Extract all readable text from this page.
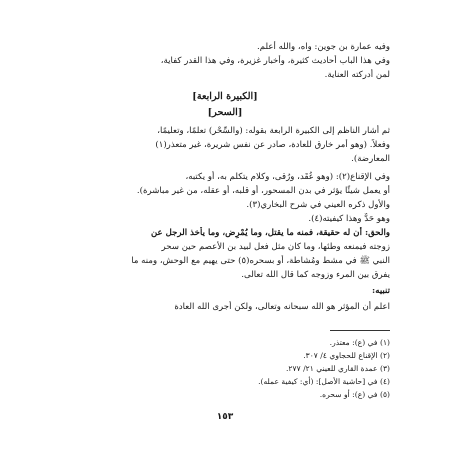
وفيه عمارة بن جوين: واه، والله أعلم.
وفي هذا الباب أحاديث كثيرة، وأخبار غزيرة، وفي هذا القدر كفاية،
لمن أدركته العناية.
[الكبيرة الرابعة]
[السحر]
ثم أشار الناظم إلى الكبيرة الرابعة بقوله: (والسِّحْر) تعلمًا، وتعليمًا،
وفعلاً. (وهو أمر خارق للعادة، صادر عن نفس شريرة، غير متعذر(١)
المعارضة).
وفي الإقناع(٢): (وهو عُقَد، ورُقى، وكلام يتكلم به، أو يكتبه،
أو يعمل شيئًا يؤثر في بدن المسحور، أو قلبه، أو عقله، من غير مباشرة).
والأول ذكره العيني في شرح البخاري(٣).
وهو حَدٌّ وهذا كيفيته(٤).
والحق: أن له حقيقة، فمنه ما يقتل، وما يُمْرِض، وما يأخذ الرجل عن
زوجته فيمنعه وطئها، وما كان مثل فعل لبيد بن الأعصم حين سحر
النبي ﷺ في مشط ومُشاطة، أو بسحره(٥) حتى يهيم مع الوحش، ومنه ما
يفرق بين المرء وزوجه كما قال الله تعالى.
تنبيه:
اعلم أن المؤثر هو الله سبحانه وتعالى، ولكن أجرى الله العادة
(١) في (ع): معتذر.
(٢) الإقناع للحجاوي ٤/ ٣٠٧.
(٣) عمدة القاري للعيني ٢١/ ٢٧٧.
(٤) في [حاشية الأصل]: (أي: كيفية عمله).
(٥) في (ع): أو سحره.
١٥٣
